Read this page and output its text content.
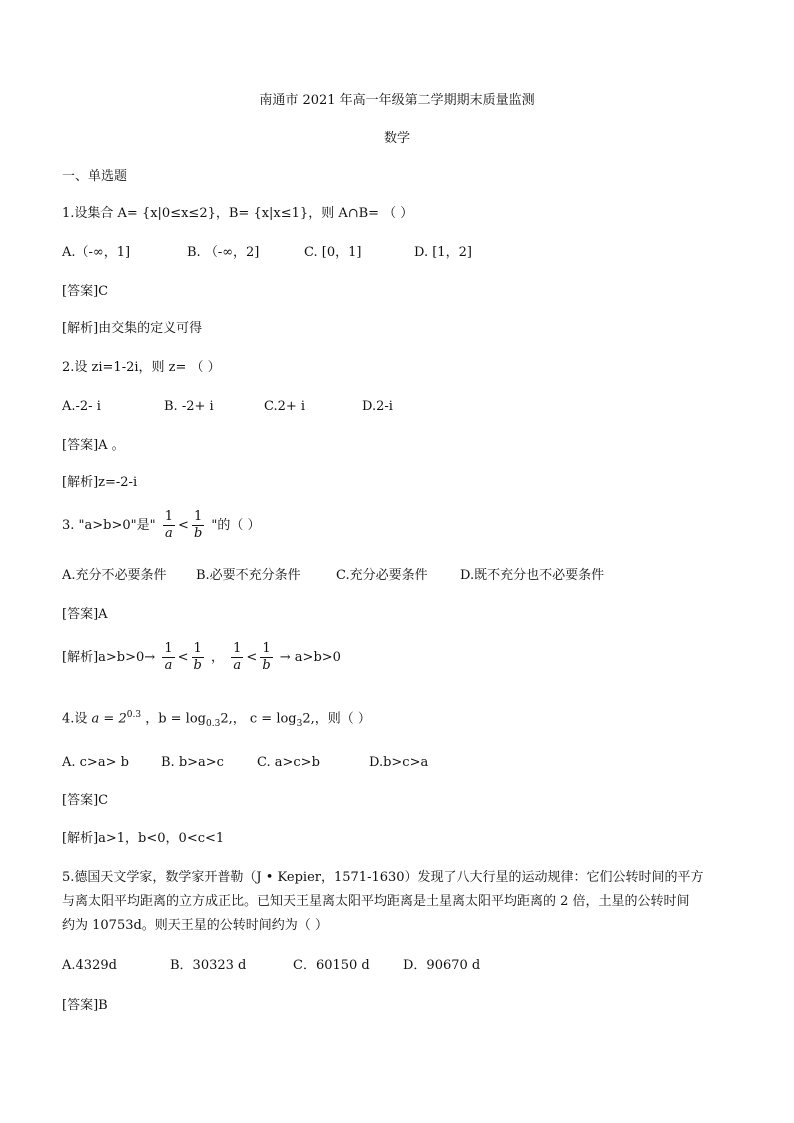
南通市 2021 年高一年级第二学期期末质量监测
数学
一、单选题
1.设集合 A= {x|0≤x≤2}，B= {x|x≤1}，则 A∩B= （ ）
A.（-∞，1]	B. （-∞，2]	C. [0，1]	D. [1，2]
[答案]C
[解析]由交集的定义可得
2.设 zi=1-2i，则 z= （ ）
A.-2- i	B. -2+ i	C.2+ i	D.2-i
[答案]A 。
[解析]z=-2-i
3. "a>b>0"是" $\frac{1}{a} < \frac{1}{b}$ "的（ ）
A.充分不必要条件 B.必要不充分条件	C.充分必要条件 D.既不充分也不必要条件
[答案]A
[解析]$a>b>0\to \frac{1}{a} < \frac{1}{b}$ ， $\frac{1}{a} < \frac{1}{b} \to a>b>0$
4.设 $a = 2^{0.3}$ ，$b = \log_{0.3}2$,， $c = \log_32$,，则（ ）
A. c>a> b B. b>a>c	C. a>c>b	D.b>c>a
[答案]C
[解析]a>1，b<0，0<c<1
5.德国天文学家，数学家开普勒（J • Kepier，1571-1630）发现了八大行星的运动规律：它们公转时间的平方
与离太阳平均距离的立方成正比。已知天王星离太阳平均距离是土星离太阳平均距离的 2 倍，土星的公转时间
约为 10753d。则天王星的公转时间约为（ ）
A.4329d	B．30323 d	C．60150 d	D．90670 d
[答案]B
